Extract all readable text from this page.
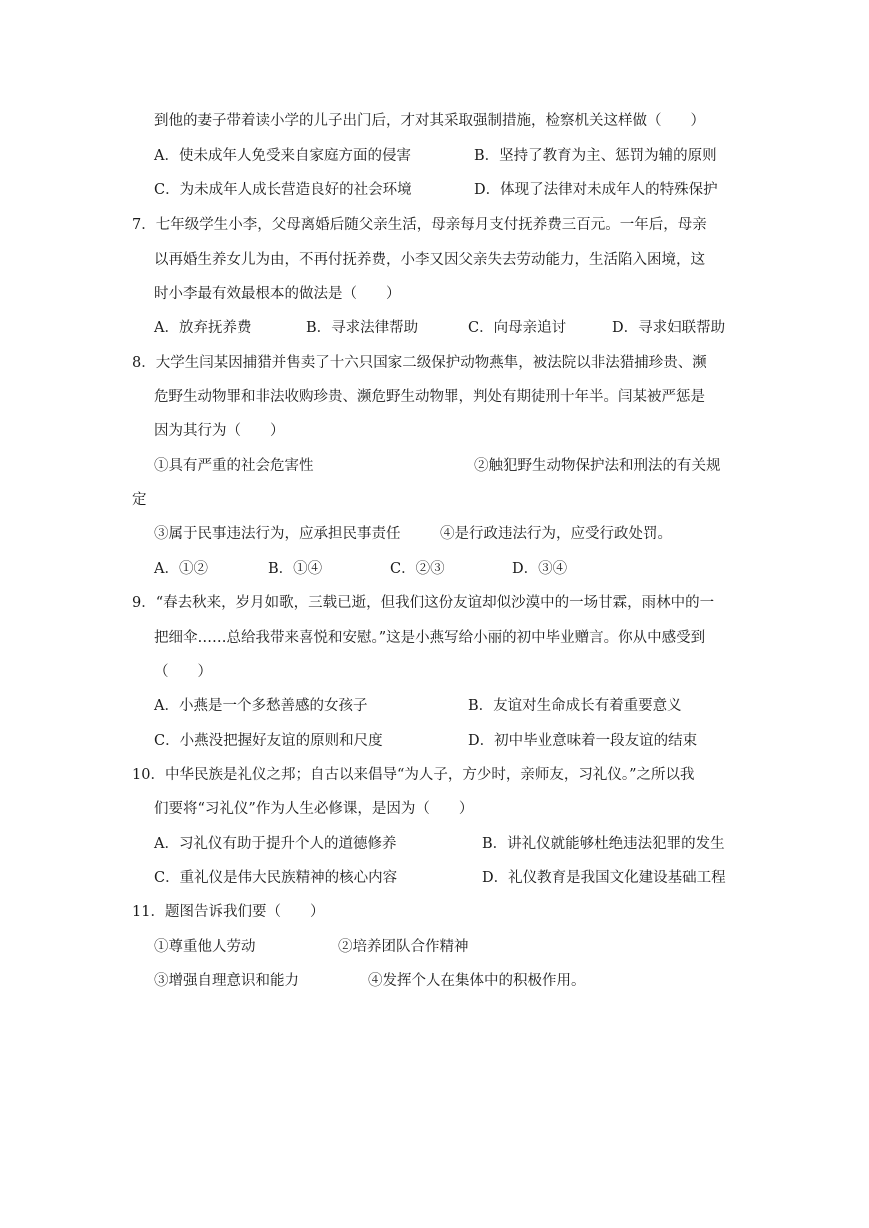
到他的妻子带着读小学的儿子出门后，才对其采取强制措施，检察机关这样做（　　）
A．使未成年人免受来自家庭方面的侵害	B．坚持了教育为主、惩罚为辅的原则
C．为未成年人成长营造良好的社会环境	D．体现了法律对未成年人的特殊保护
7．七年级学生小李，父母离婚后随父亲生活，母亲每月支付抚养费三百元。一年后，母亲
以再婚生养女儿为由，不再付抚养费，小李又因父亲失去劳动能力，生活陷入困境，这
时小李最有效最根本的做法是（　　）
A．放弃抚养费	B．寻求法律帮助	C．向母亲追讨	D．寻求妇联帮助
8．大学生闫某因捕猎并售卖了十六只国家二级保护动物燕隼，被法院以非法猎捕珍贵、濒
危野生动物罪和非法收购珍贵、濒危野生动物罪，判处有期徒刑十年半。闫某被严惩是
因为其行为（　　）
①具有严重的社会危害性	②触犯野生动物保护法和刑法的有关规
定
③属于民事违法行为，应承担民事责任	④是行政违法行为，应受行政处罚。
A．①②	B．①④	C．②③	D．③④
9．“春去秋来，岁月如歌，三载已逝，但我们这份友谊却似沙漠中的一场甘霖，雨林中的一
把细伞……总给我带来喜悦和安慰。”这是小燕写给小丽的初中毕业赠言。你从中感受到
（　　）
A．小燕是一个多愁善感的女孩子	B．友谊对生命成长有着重要意义
C．小燕没把握好友谊的原则和尺度	D．初中毕业意味着一段友谊的结束
10．中华民族是礼仪之邦；自古以来倡导“为人子，方少时，亲师友，习礼仪。”之所以我
们要将“习礼仪”作为人生必修课，是因为（　　）
A．习礼仪有助于提升个人的道德修养	B．讲礼仪就能够杜绝违法犯罪的发生
C．重礼仪是伟大民族精神的核心内容	D．礼仪教育是我国文化建设基础工程
11．题图告诉我们要（　　）
①尊重他人劳动	②培养团队合作精神
③增强自理意识和能力	④发挥个人在集体中的积极作用。
